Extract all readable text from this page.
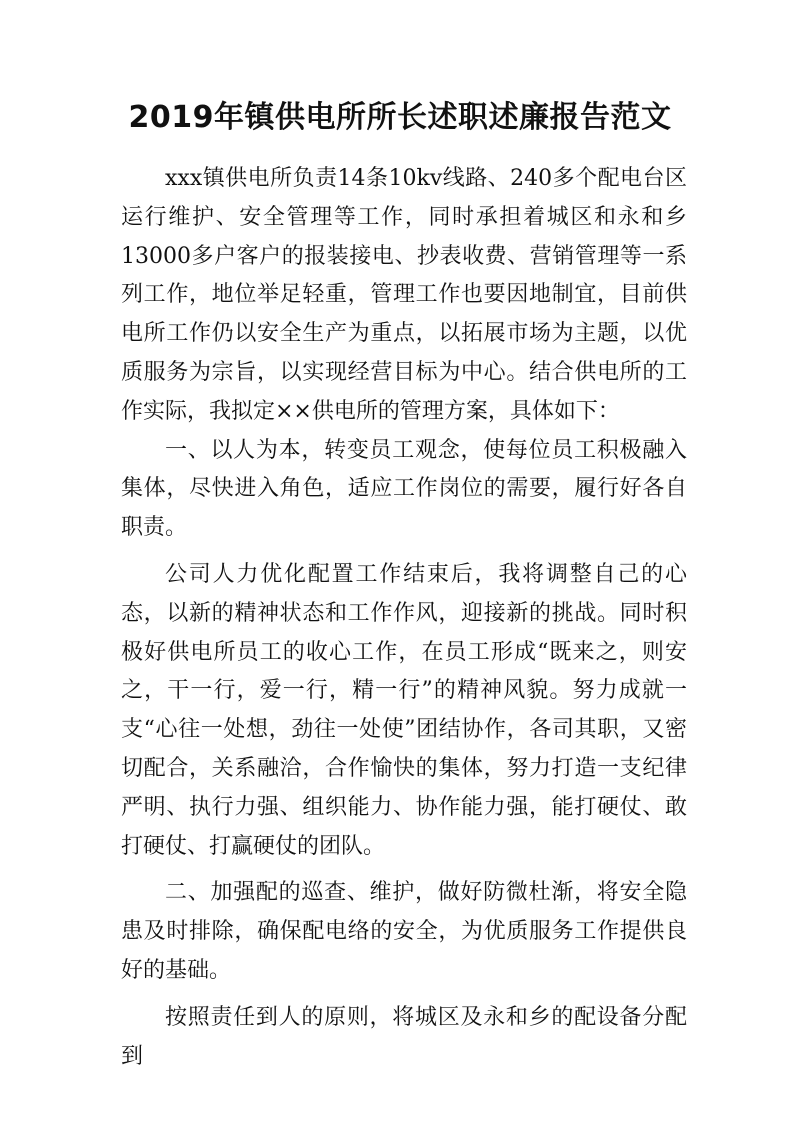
2019年镇供电所所长述职述廉报告范文

xxx镇供电所负责14条10kv线路、240多个配电台区运行维护、安全管理等工作，同时承担着城区和永和乡13000多户客户的报装接电、抄表收费、营销管理等一系列工作，地位举足轻重，管理工作也要因地制宜，目前供电所工作仍以安全生产为重点，以拓展市场为主题，以优质服务为宗旨，以实现经营目标为中心。结合供电所的工作实际，我拟定××供电所的管理方案，具体如下：

一、以人为本，转变员工观念，使每位员工积极融入集体，尽快进入角色，适应工作岗位的需要，履行好各自职责。

公司人力优化配置工作结束后，我将调整自己的心态，以新的精神状态和工作作风，迎接新的挑战。同时积极好供电所员工的收心工作，在员工形成“既来之，则安之，干一行，爱一行，精一行”的精神风貌。努力成就一支“心往一处想，劲往一处使”团结协作，各司其职，又密切配合，关系融洽，合作愉快的集体，努力打造一支纪律严明、执行力强、组织能力、协作能力强，能打硬仗、敢打硬仗、打赢硬仗的团队。

二、加强配的巡查、维护，做好防微杜渐，将安全隐患及时排除，确保配电络的安全，为优质服务工作提供良好的基础。

按照责任到人的原则，将城区及永和乡的配设备分配到
